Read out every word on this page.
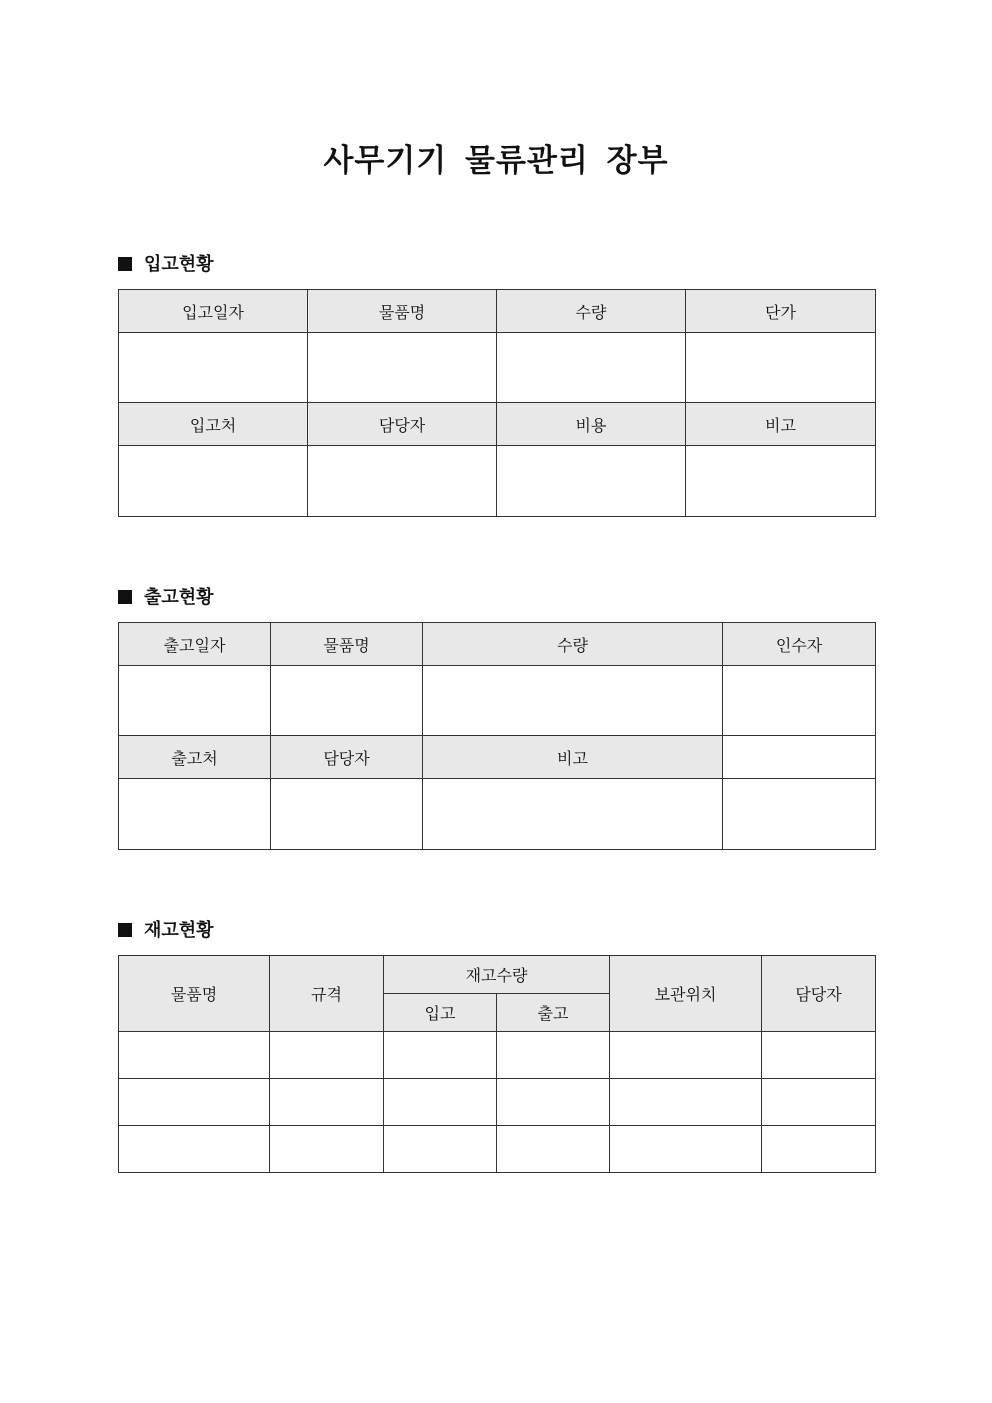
사무기기 물류관리 장부
입고현황
입고일자	물품명	수량	단가

입고처	담당자	비용	비고

출고현황
출고일자	물품명	수량	인수자

출고처	담당자	비고	

재고현황
물품명	규격	재고수량		보관위치	담당자
		입고	출고		
